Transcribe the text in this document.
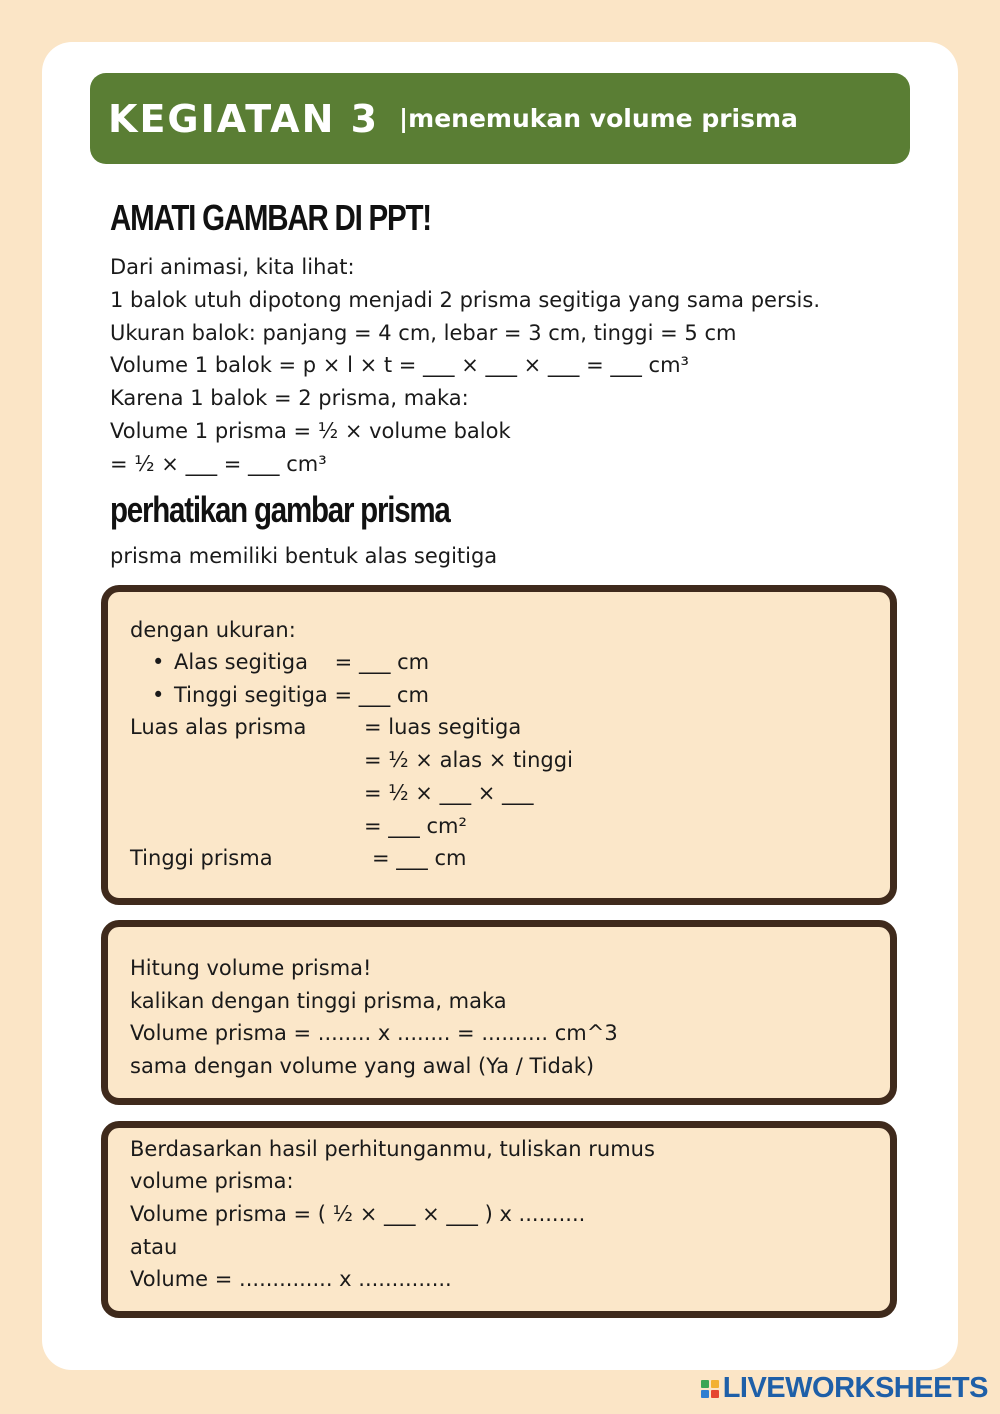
KEGIATAN 3 |menemukan volume prisma
AMATI GAMBAR DI PPT!
Dari animasi, kita lihat:
1 balok utuh dipotong menjadi 2 prisma segitiga yang sama persis.
Ukuran balok: panjang = 4 cm, lebar = 3 cm, tinggi = 5 cm
Volume 1 balok = p × l × t = ___ × ___ × ___ = ___ cm³
Karena 1 balok = 2 prisma, maka:
Volume 1 prisma = ½ × volume balok
= ½ × ___ = ___ cm³
perhatikan gambar prisma
prisma memiliki bentuk alas segitiga
dengan ukuran:
• Alas segitiga    = ___ cm
• Tinggi segitiga = ___ cm
Luas alas prisma	= luas segitiga
= ½ × alas × tinggi
= ½ × ___ × ___
= ___ cm²
Tinggi prisma	= ___ cm
Hitung volume prisma!
kalikan dengan tinggi prisma, maka
Volume prisma = ........ x ........ = .......... cm^3
sama dengan volume yang awal (Ya / Tidak)
Berdasarkan hasil perhitunganmu, tuliskan rumus
volume prisma:
Volume prisma = ( ½ × ___ × ___ ) x ..........
atau
Volume = .............. x ..............
LIVEWORKSHEETS
